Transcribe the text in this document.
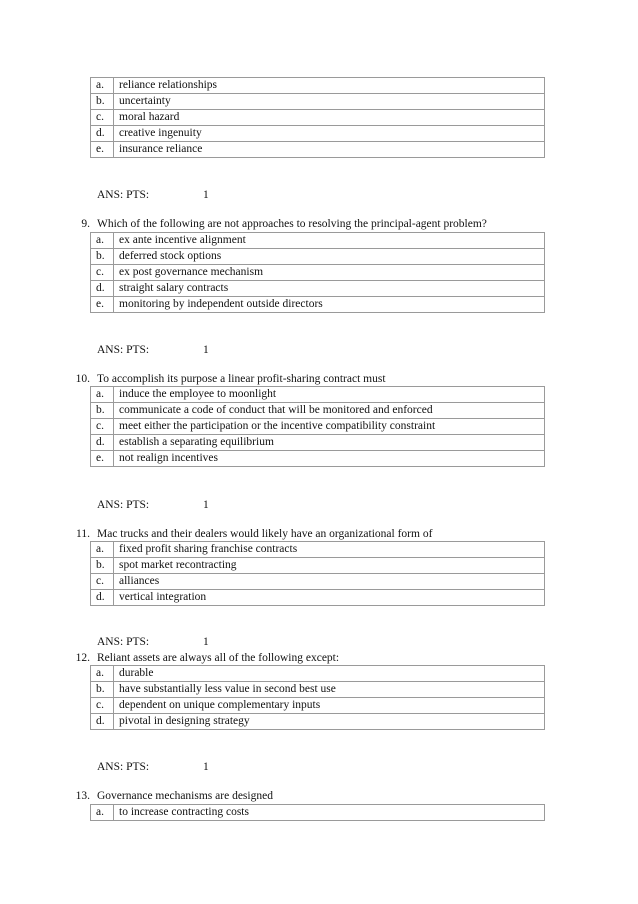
a.	reliance relationships
b.	uncertainty
c.	moral hazard
d.	creative ingenuity
e.	insurance reliance
ANS: PTS:	1
9. Which of the following are not approaches to resolving the principal-agent problem?
a.	ex ante incentive alignment
b.	deferred stock options
c.	ex post governance mechanism
d.	straight salary contracts
e.	monitoring by independent outside directors
ANS: PTS:	1
10. To accomplish its purpose a linear profit-sharing contract must
a.	induce the employee to moonlight
b.	communicate a code of conduct that will be monitored and enforced
c.	meet either the participation or the incentive compatibility constraint
d.	establish a separating equilibrium
e.	not realign incentives
ANS: PTS:	1
11. Mac trucks and their dealers would likely have an organizational form of
a.	fixed profit sharing franchise contracts
b.	spot market recontracting
c.	alliances
d.	vertical integration
ANS: PTS:	1
12. Reliant assets are always all of the following except:
a.	durable
b.	have substantially less value in second best use
c.	dependent on unique complementary inputs
d.	pivotal in designing strategy
ANS: PTS:	1
13. Governance mechanisms are designed
a.	to increase contracting costs
